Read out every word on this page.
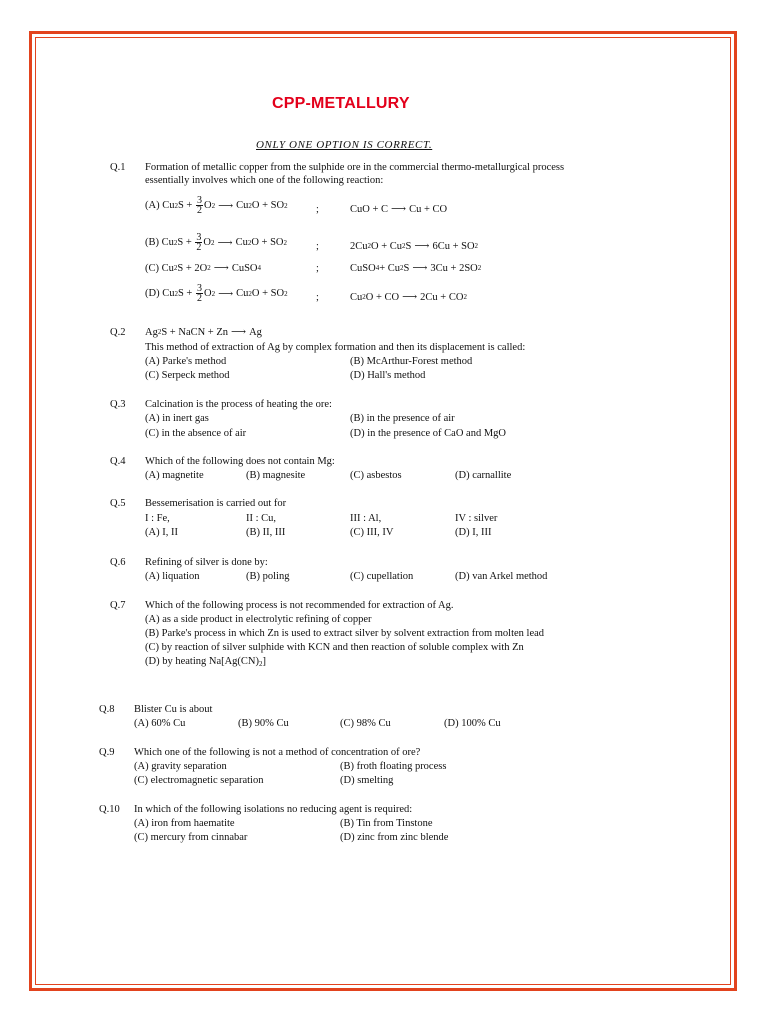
CPP-METALLURY
ONLY ONE OPTION IS CORRECT.
Q.1 Formation of metallic copper from the sulphide ore in the commercial thermo-metallurgical process
essentially involves which one of the following reaction:
(A) Cu 2 $S + \frac{3}{2}$ O 2 ⟶ Cu 2 O + SO 2	;	CuO + C ⟶ Cu + CO
(B) Cu 2 $S + \frac{3}{2}$ O 2 ⟶ Cu 2 O + SO 2	;	2Cu 2 O + Cu 2 S ⟶ 6Cu + SO 2
(C) Cu 2 S + 2O 2 ⟶ CuSO 4	;	CuSO 4 + Cu 2 S ⟶ 3Cu + 2SO 2
(D) Cu 2 $S + \frac{3}{2}$ O 2 ⟶ Cu 2 O + SO 2	;	Cu 2 O + CO ⟶ 2Cu + CO 2
Q.2 Ag 2 S + NaCN + Zn ⟶ Ag
This method of extraction of Ag by complex formation and then its displacement is called:
(A) Parke's method	(B) McArthur-Forest method
(C) Serpeck method	(D) Hall's method
Q.3 Calcination is the process of heating the ore:
(A) in inert gas	(B) in the presence of air
(C) in the absence of air	(D) in the presence of CaO and MgO
Q.4 Which of the following does not contain Mg:
(A) magnetite	(B) magnesite	(C) asbestos	(D) carnallite
Q.5 Bessemerisation is carried out for
I : Fe,	II : Cu,	III : Al,	IV : silver
(A) I, II	(B) II, III	(C) III, IV	(D) I, III
Q.6 Refining of silver is done by:
(A) liquation	(B) poling	(C) cupellation	(D) van Arkel method
Q.7 Which of the following process is not recommended for extraction of Ag.
(A) as a side product in electrolytic refining of copper
(B) Parke's process in which Zn is used to extract silver by solvent extraction from molten lead
(C) by reaction of silver sulphide with KCN and then reaction of soluble complex with Zn
(D) by heating $Na[Ag(CN)_2]$
Q.8 Blister Cu is about
(A) 60% Cu	(B) 90% Cu	(C) 98% Cu	(D) 100% Cu
Q.9 Which one of the following is not a method of concentration of ore?
(A) gravity separation	(B) froth floating process
(C) electromagnetic separation	(D) smelting
Q.10 In which of the following isolations no reducing agent is required:
(A) iron from haematite	(B) Tin from Tinstone
(C) mercury from cinnabar	(D) zinc from zinc blende
